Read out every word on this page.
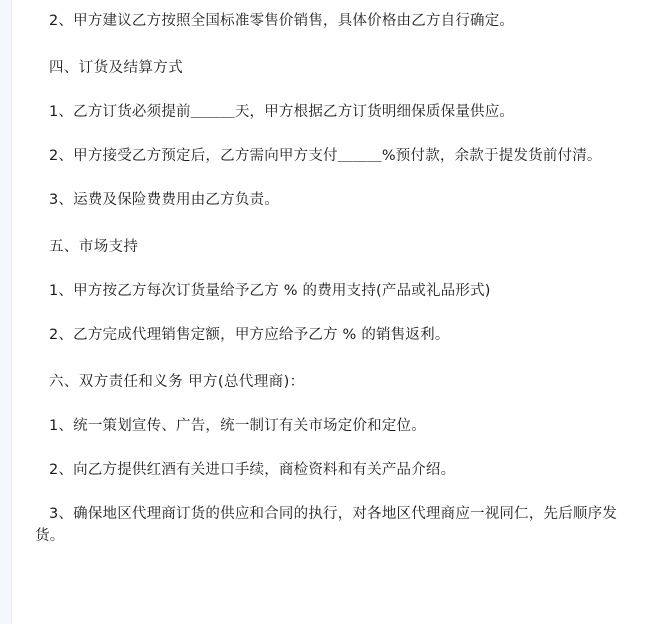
2、甲方建议乙方按照全国标准零售价销售，具体价格由乙方自行确定。

四、订货及结算方式

1、乙方订货必须提前＿＿＿天，甲方根据乙方订货明细保质保量供应。

2、甲方接受乙方预定后，乙方需向甲方支付＿＿＿%预付款，余款于提发货前付清。

3、运费及保险费费用由乙方负责。

五、市场支持

1、甲方按乙方每次订货量给予乙方 % 的费用支持(产品或礼品形式)

2、乙方完成代理销售定额，甲方应给予乙方 % 的销售返利。

六、双方责任和义务 甲方(总代理商)：

1、统一策划宣传、广告，统一制订有关市场定价和定位。

2、向乙方提供红酒有关进口手续，商检资料和有关产品介绍。

3、确保地区代理商订货的供应和合同的执行，对各地区代理商应一视同仁，先后顺序发货。
